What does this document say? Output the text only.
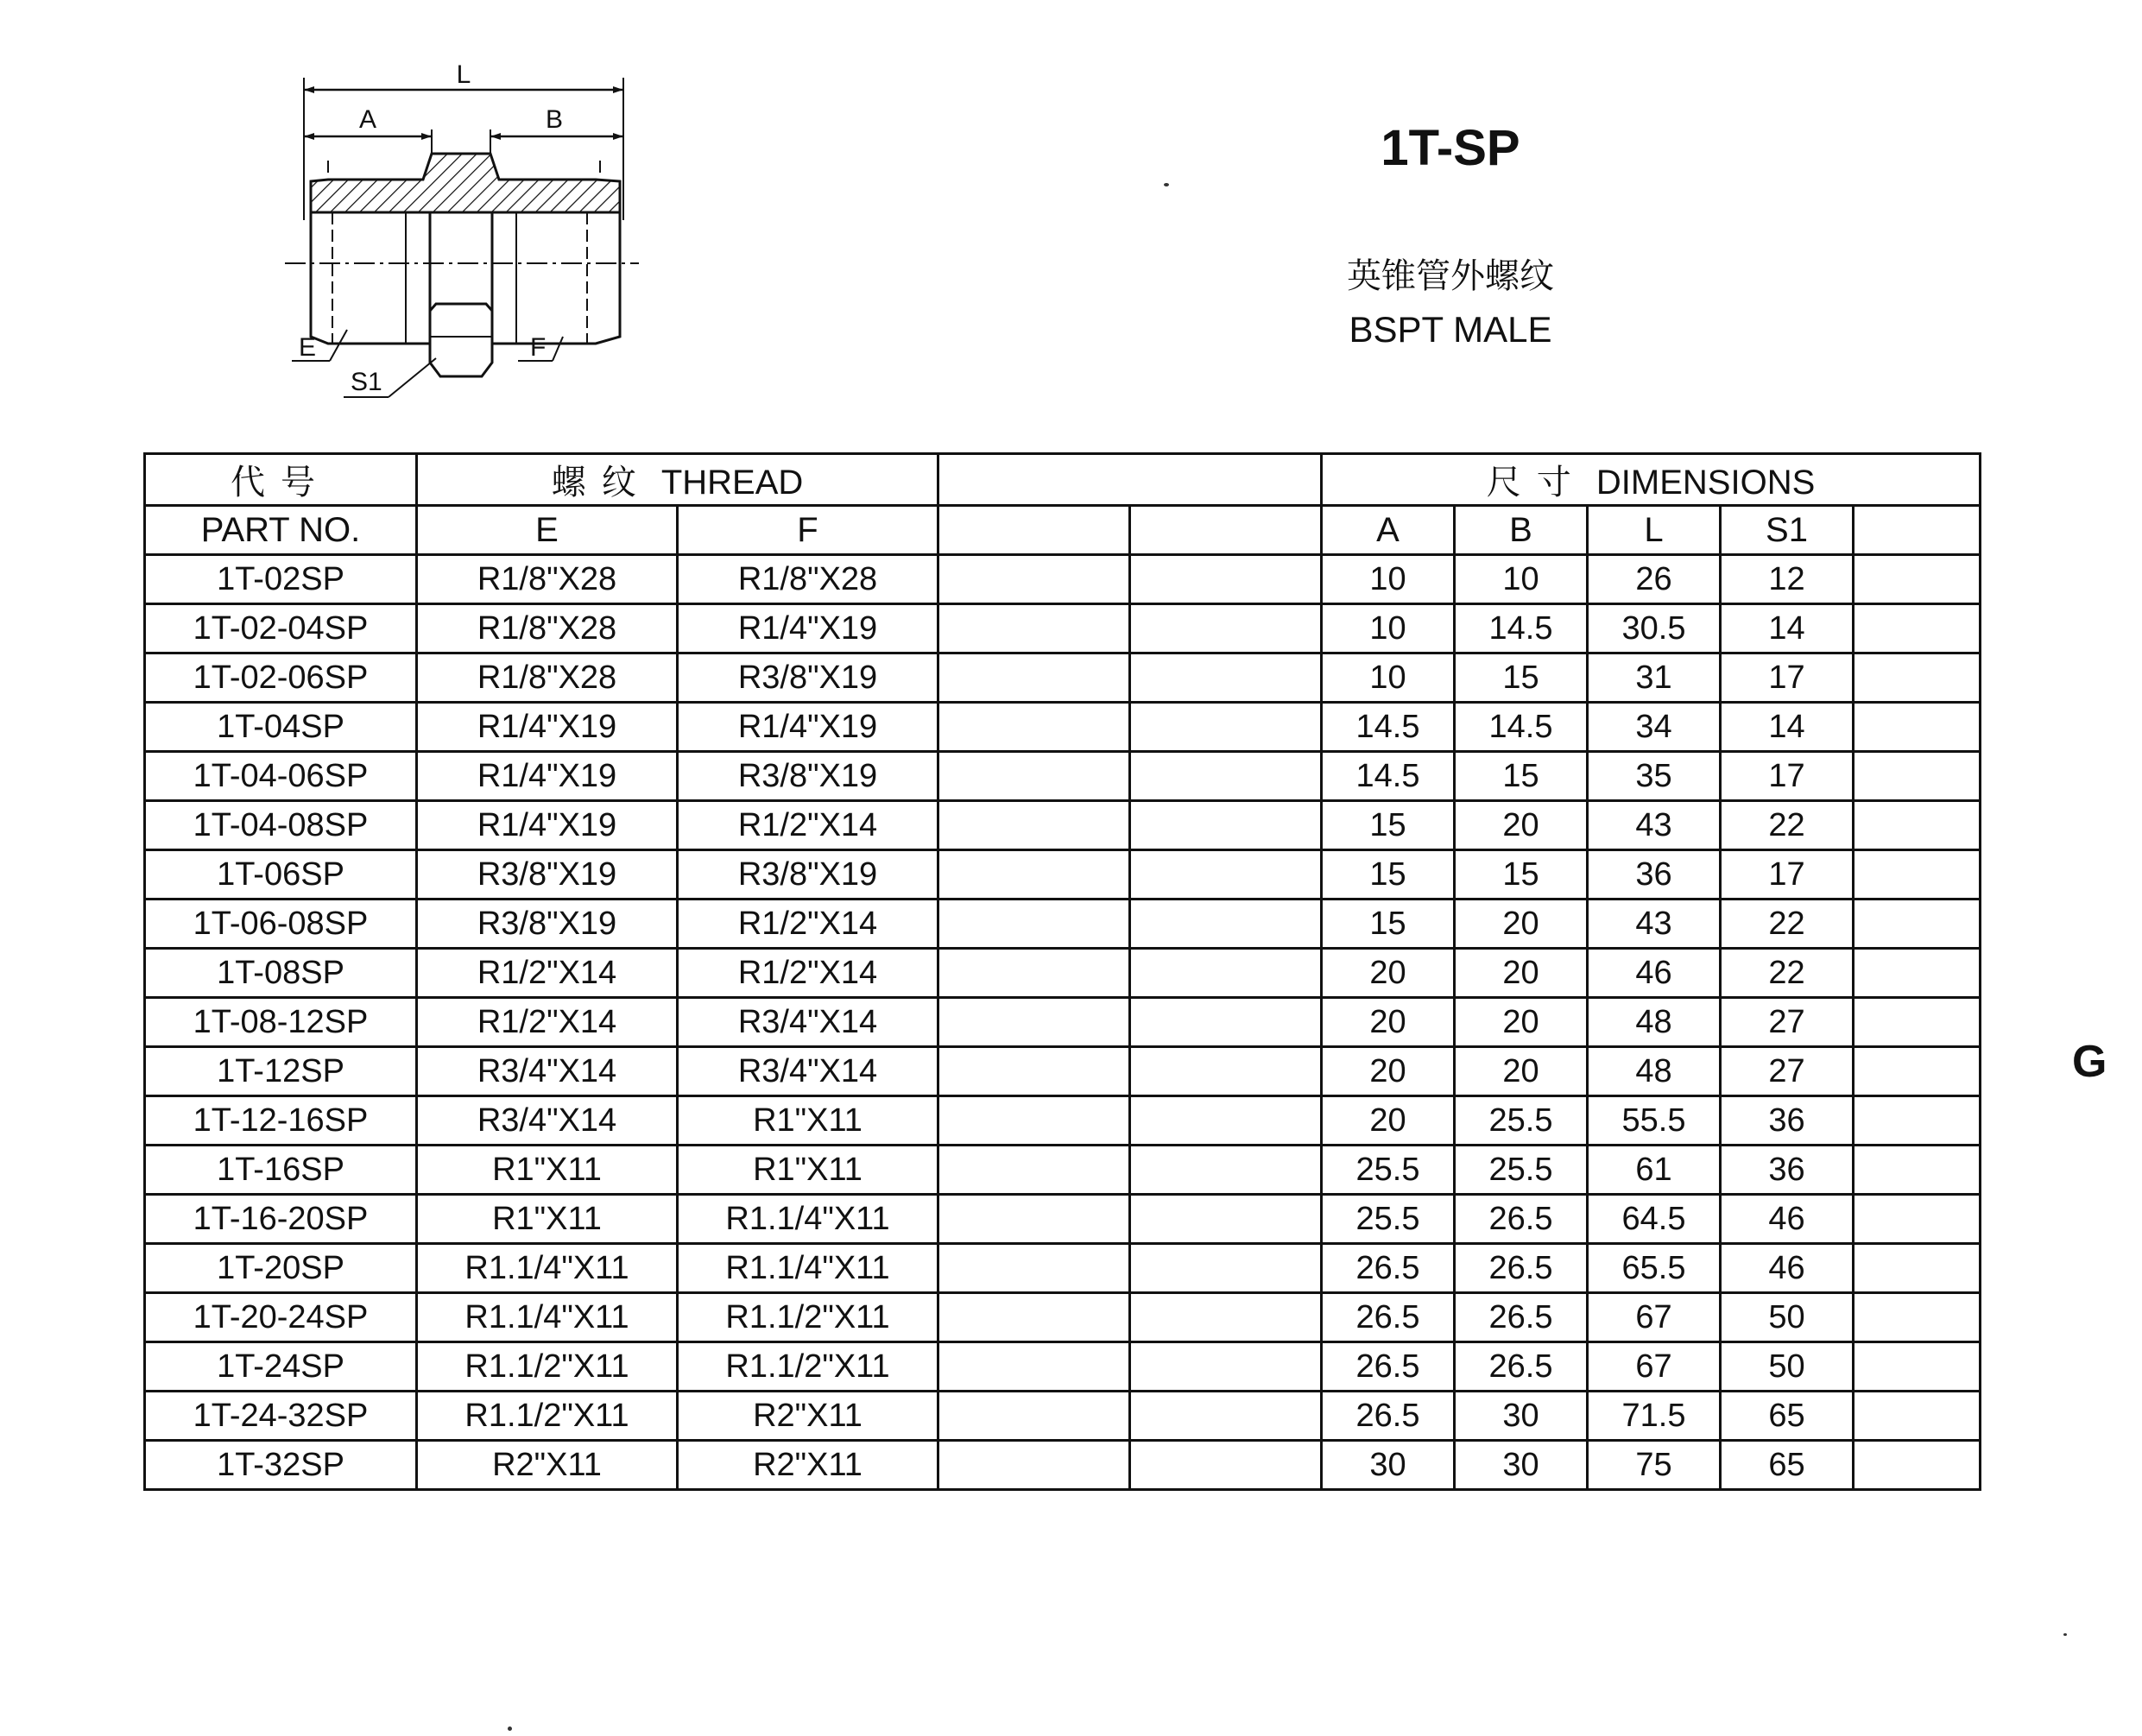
L
A	B
E
S1
F
1T-SP
英锥管外螺纹
BSPT MALE
G
代号	螺纹 THREAD				尺寸 DIMENSIONS				
PART NO.	E	F			A	B	L	S1	
1T-02SP	R1/8"X28	R1/8"X28			10	10	26	12	
1T-02-04SP	R1/8"X28	R1/4"X19			10	14.5	30.5	14	
1T-02-06SP	R1/8"X28	R3/8"X19			10	15	31	17	
1T-04SP	R1/4"X19	R1/4"X19			14.5	14.5	34	14	
1T-04-06SP	R1/4"X19	R3/8"X19			14.5	15	35	17	
1T-04-08SP	R1/4"X19	R1/2"X14			15	20	43	22	
1T-06SP	R3/8"X19	R3/8"X19			15	15	36	17	
1T-06-08SP	R3/8"X19	R1/2"X14			15	20	43	22	
1T-08SP	R1/2"X14	R1/2"X14			20	20	46	22	
1T-08-12SP	R1/2"X14	R3/4"X14			20	20	48	27	
1T-12SP	R3/4"X14	R3/4"X14			20	20	48	27	
1T-12-16SP	R3/4"X14	R1"X11			20	25.5	55.5	36	
1T-16SP	R1"X11	R1"X11			25.5	25.5	61	36	
1T-16-20SP	R1"X11	R1.1/4"X11			25.5	26.5	64.5	46	
1T-20SP	R1.1/4"X11	R1.1/4"X11			26.5	26.5	65.5	46	
1T-20-24SP	R1.1/4"X11	R1.1/2"X11			26.5	26.5	67	50	
1T-24SP	R1.1/2"X11	R1.1/2"X11			26.5	26.5	67	50	
1T-24-32SP	R1.1/2"X11	R2"X11			26.5	30	71.5	65	
1T-32SP	R2"X11	R2"X11			30	30	75	65	
